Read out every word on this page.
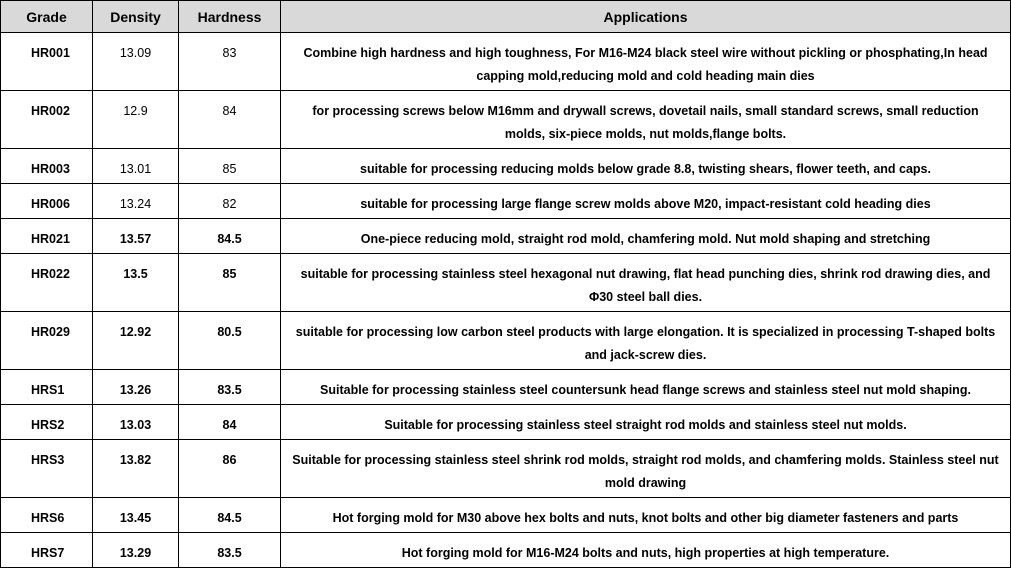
Grade	Density	Hardness	Applications
HR001	13.09	83	Combine high hardness and high toughness, For M16-M24 black steel wire without pickling or phosphating,In head
capping mold,reducing mold and cold heading main dies
HR002	12.9	84	for processing screws below M16mm and drywall screws, dovetail nails, small standard screws, small reduction
molds, six-piece molds, nut molds,flange bolts.
HR003	13.01	85	suitable for processing reducing molds below grade 8.8, twisting shears, flower teeth, and caps.
HR006	13.24	82	suitable for processing large flange screw molds above M20, impact-resistant cold heading dies
HR021	13.57	84.5	One-piece reducing mold, straight rod mold, chamfering mold. Nut mold shaping and stretching
HR022	13.5	85	suitable for processing stainless steel hexagonal nut drawing, flat head punching dies, shrink rod drawing dies, and
Φ30 steel ball dies.
HR029	12.92	80.5	suitable for processing low carbon steel products with large elongation. It is specialized in processing T-shaped bolts
and jack-screw dies.
HRS1	13.26	83.5	Suitable for processing stainless steel countersunk head flange screws and stainless steel nut mold shaping.
HRS2	13.03	84	Suitable for processing stainless steel straight rod molds and stainless steel nut molds.
HRS3	13.82	86	Suitable for processing stainless steel shrink rod molds, straight rod molds, and chamfering molds. Stainless steel nut
mold drawing
HRS6	13.45	84.5	Hot forging mold for M30 above hex bolts and nuts, knot bolts and other big diameter fasteners and parts
HRS7	13.29	83.5	Hot forging mold for M16-M24 bolts and nuts, high properties at high temperature.
